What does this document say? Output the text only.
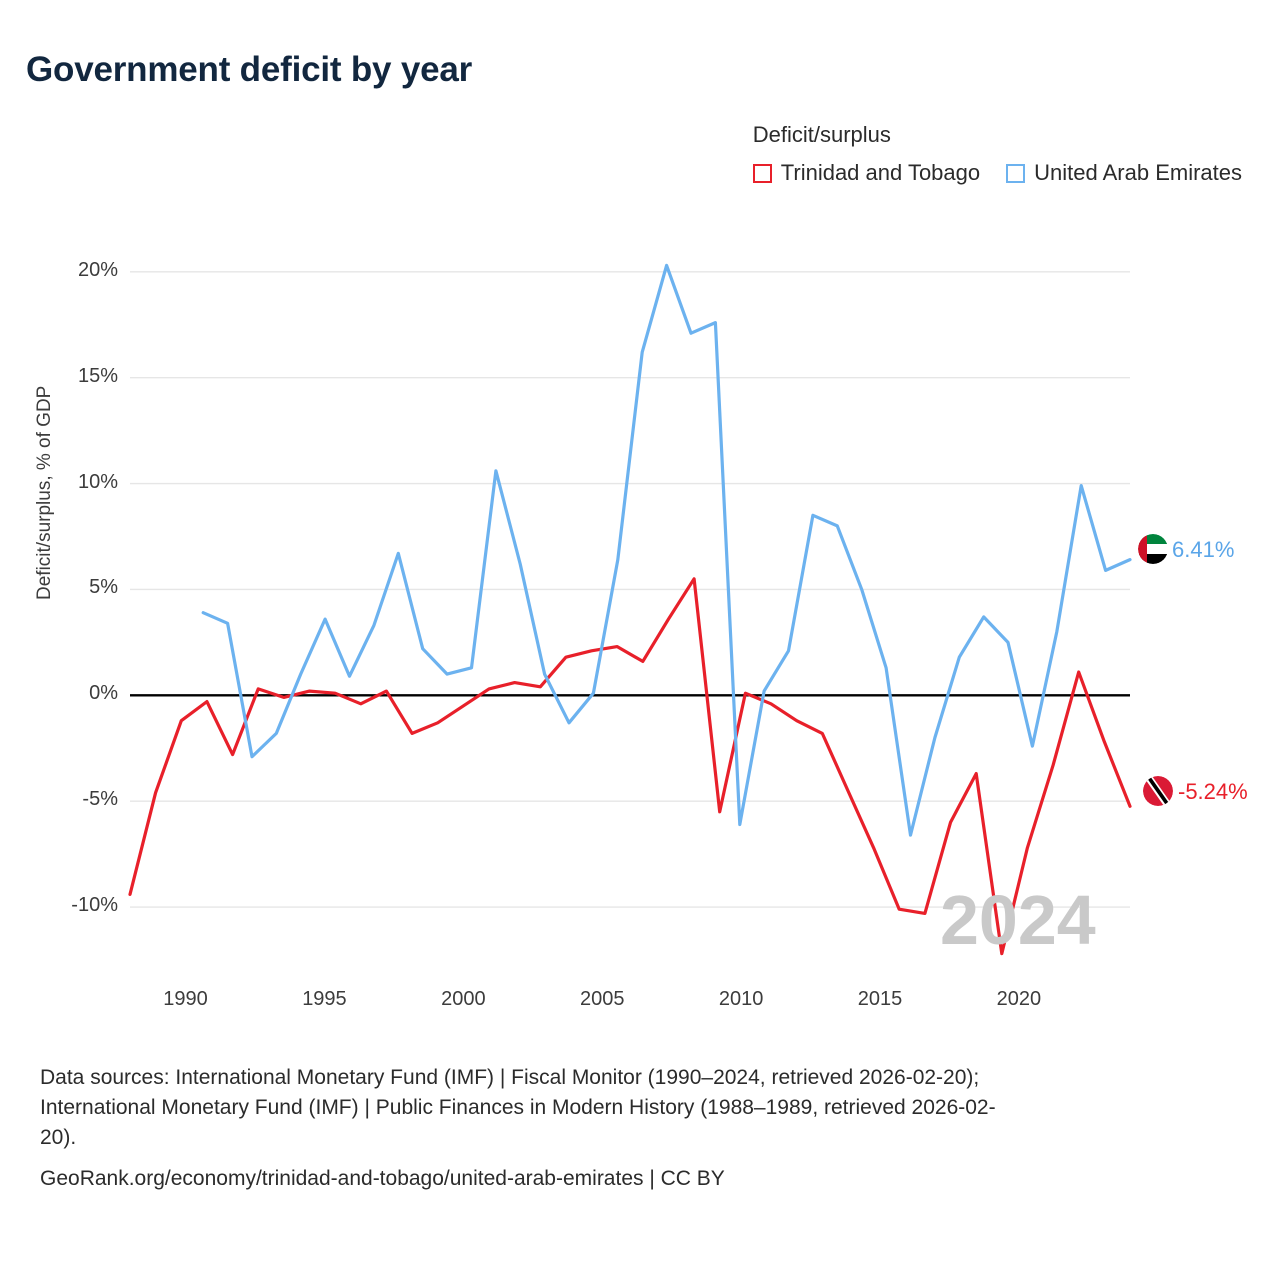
Government deficit by year
Deficit/surplus
Trinidad and Tobago United Arab Emirates
Deficit/surplus, % of GDP
2024
6.41%
-5.24%
Data sources: International Monetary Fund (IMF) | Fiscal Monitor (1990–2024, retrieved 2026-02-20);
International Monetary Fund (IMF) | Public Finances in Modern History (1988–1989, retrieved 2026-02-
20).
GeoRank.org/economy/trinidad-and-tobago/united-arab-emirates | CC BY
-10%
-5%
0%
5%
10%
15%
20%
1990	1995	2000	2005	2010	2015	2020
